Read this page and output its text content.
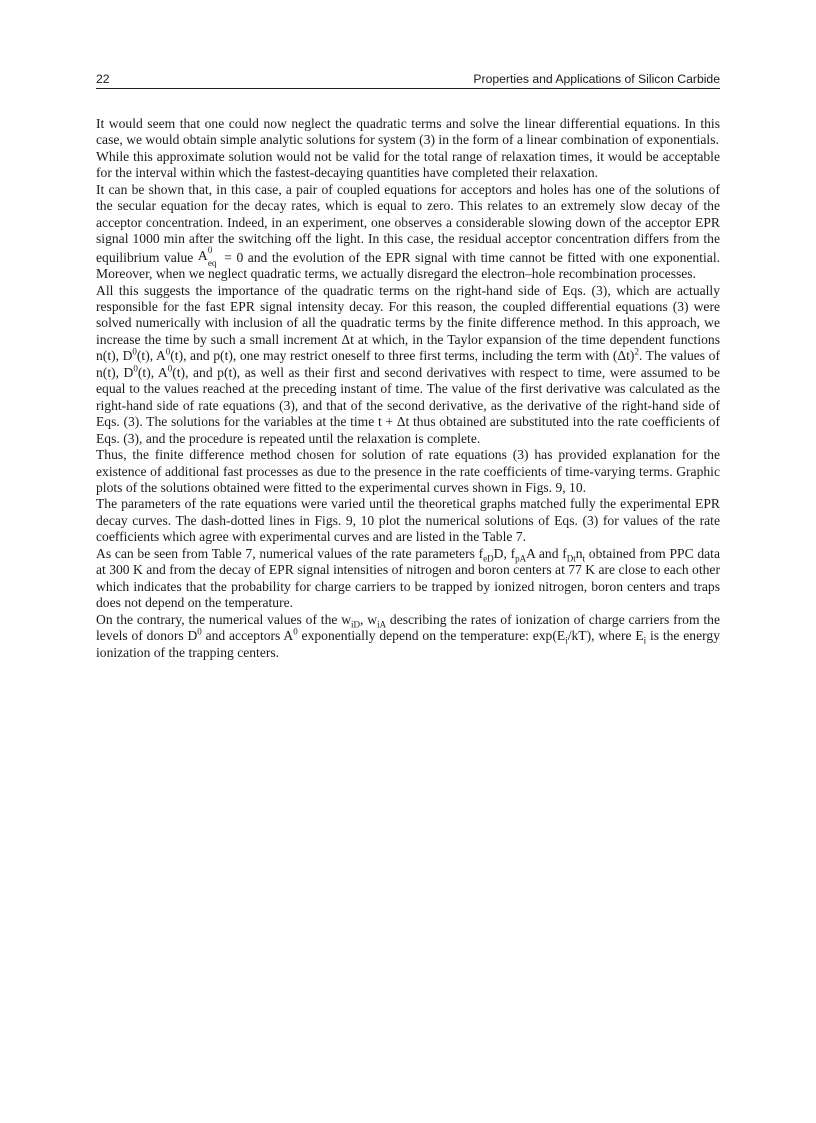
22	Properties and Applications of Silicon Carbide

It would seem that one could now neglect the quadratic terms and solve the linear differential equations. In this case, we would obtain simple analytic solutions for system (3) in the form of a linear combination of exponentials.

While this approximate solution would not be valid for the total range of relaxation times, it would be acceptable for the interval within which the fastest-decaying quantities have completed their relaxation.

It can be shown that, in this case, a pair of coupled equations for acceptors and holes has one of the solutions of the secular equation for the decay rates, which is equal to zero. This relates to an extremely slow decay of the acceptor concentration. Indeed, in an experiment, one observes a considerable slowing down of the acceptor EPR signal 1000 min after the switching off the light. In this case, the residual acceptor concentration differs from the equilibrium value A 0
eq = 0 and the evolution of the EPR signal with time cannot be fitted with one exponential. Moreover, when we neglect quadratic terms, we actually disregard the electron–hole recombination processes.

All this suggests the importance of the quadratic terms on the right-hand side of Eqs. (3), which are actually responsible for the fast EPR signal intensity decay. For this reason, the coupled differential equations (3) were solved numerically with inclusion of all the quadratic terms by the finite difference method. In this approach, we increase the time by such a small increment Δt at which, in the Taylor expansion of the time dependent functions n(t), $D^0(t)$, $A^0(t)$, and p(t), one may restrict oneself to three first terms, including the term with $(\Delta t)^2$. The values of n(t), $D^0(t)$, $A^0(t)$, and p(t), as well as their first and second derivatives with respect to time, were assumed to be equal to the values reached at the preceding instant of time. The value of the first derivative was calculated as the right-hand side of rate equations (3), and that of the second derivative, as the derivative of the right-hand side of Eqs. (3). The solutions for the variables at the time t + Δt thus obtained are substituted into the rate coefficients of Eqs. (3), and the procedure is repeated until the relaxation is complete.

Thus, the finite difference method chosen for solution of rate equations (3) has provided explanation for the existence of additional fast processes as due to the presence in the rate coefficients of time-varying terms. Graphic plots of the solutions obtained were fitted to the experimental curves shown in Figs. 9, 10.

The parameters of the rate equations were varied until the theoretical graphs matched fully the experimental EPR decay curves. The dash-dotted lines in Figs. 9, 10 plot the numerical solutions of Eqs. (3) for values of the rate coefficients which agree with experimental curves and are listed in the Table 7.

As can be seen from Table 7, numerical values of the rate parameters $f_{eD}D$, $f_{pA}A$ and $f_{Dt}n_t$ obtained from PPC data at 300 K and from the decay of EPR signal intensities of nitrogen and boron centers at 77 K are close to each other which indicates that the probability for charge carriers to be trapped by ionized nitrogen, boron centers and traps does not depend on the temperature.

On the contrary, the numerical values of the $w_{iD}$, $w_{iA}$ describing the rates of ionization of charge carriers from the levels of donors $D^0$ and acceptors $A^0$ exponentially depend on the temperature: $\exp(E_i/kT)$, where $E_i$ is the energy ionization of the trapping centers.
